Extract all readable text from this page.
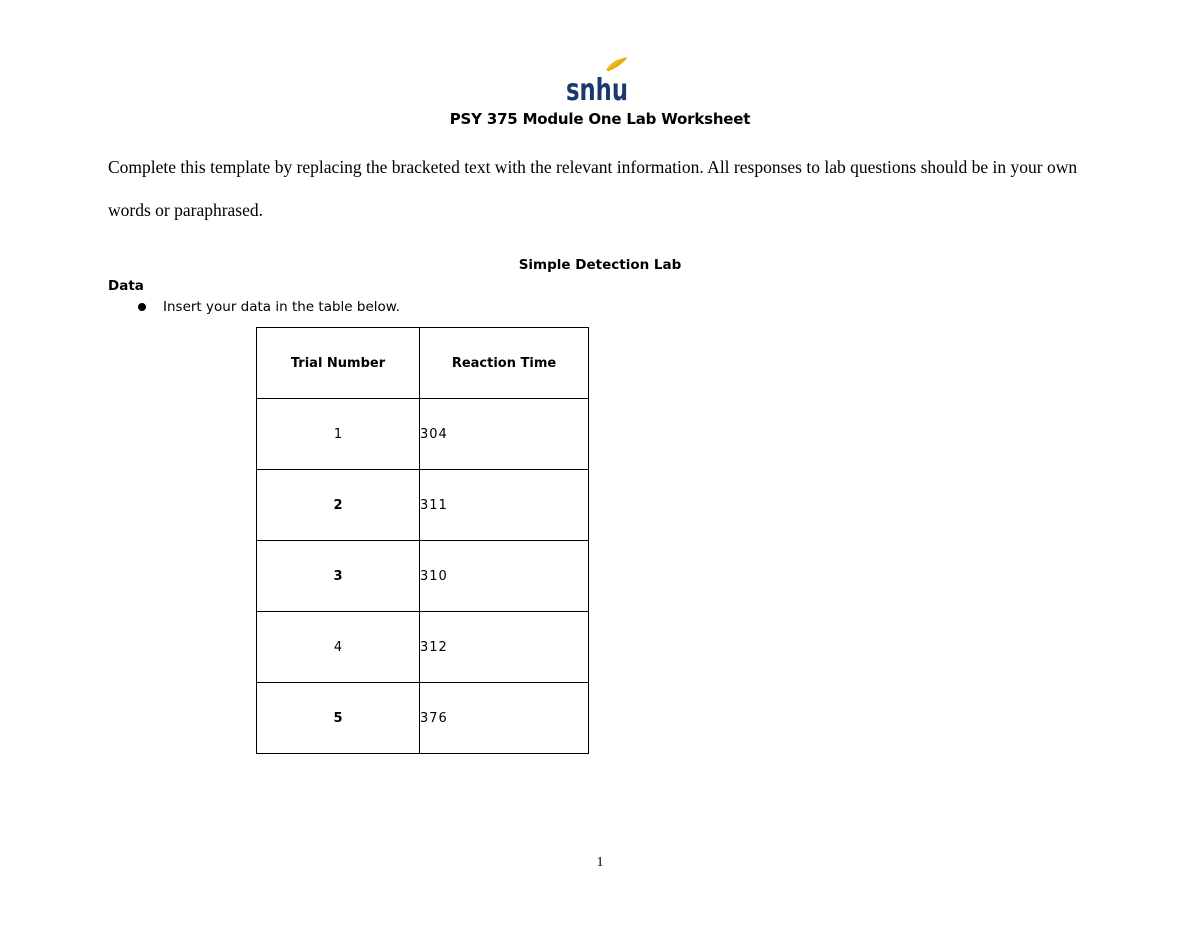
snhu
PSY 375 Module One Lab Worksheet

Complete this template by replacing the bracketed text with the relevant information. All responses to lab questions should be in your own words or paraphrased.

Simple Detection Lab
Data
Insert your data in the table below.
Trial Number	Reaction Time
1	304
2	311
3	310
4	312
5	376
1
